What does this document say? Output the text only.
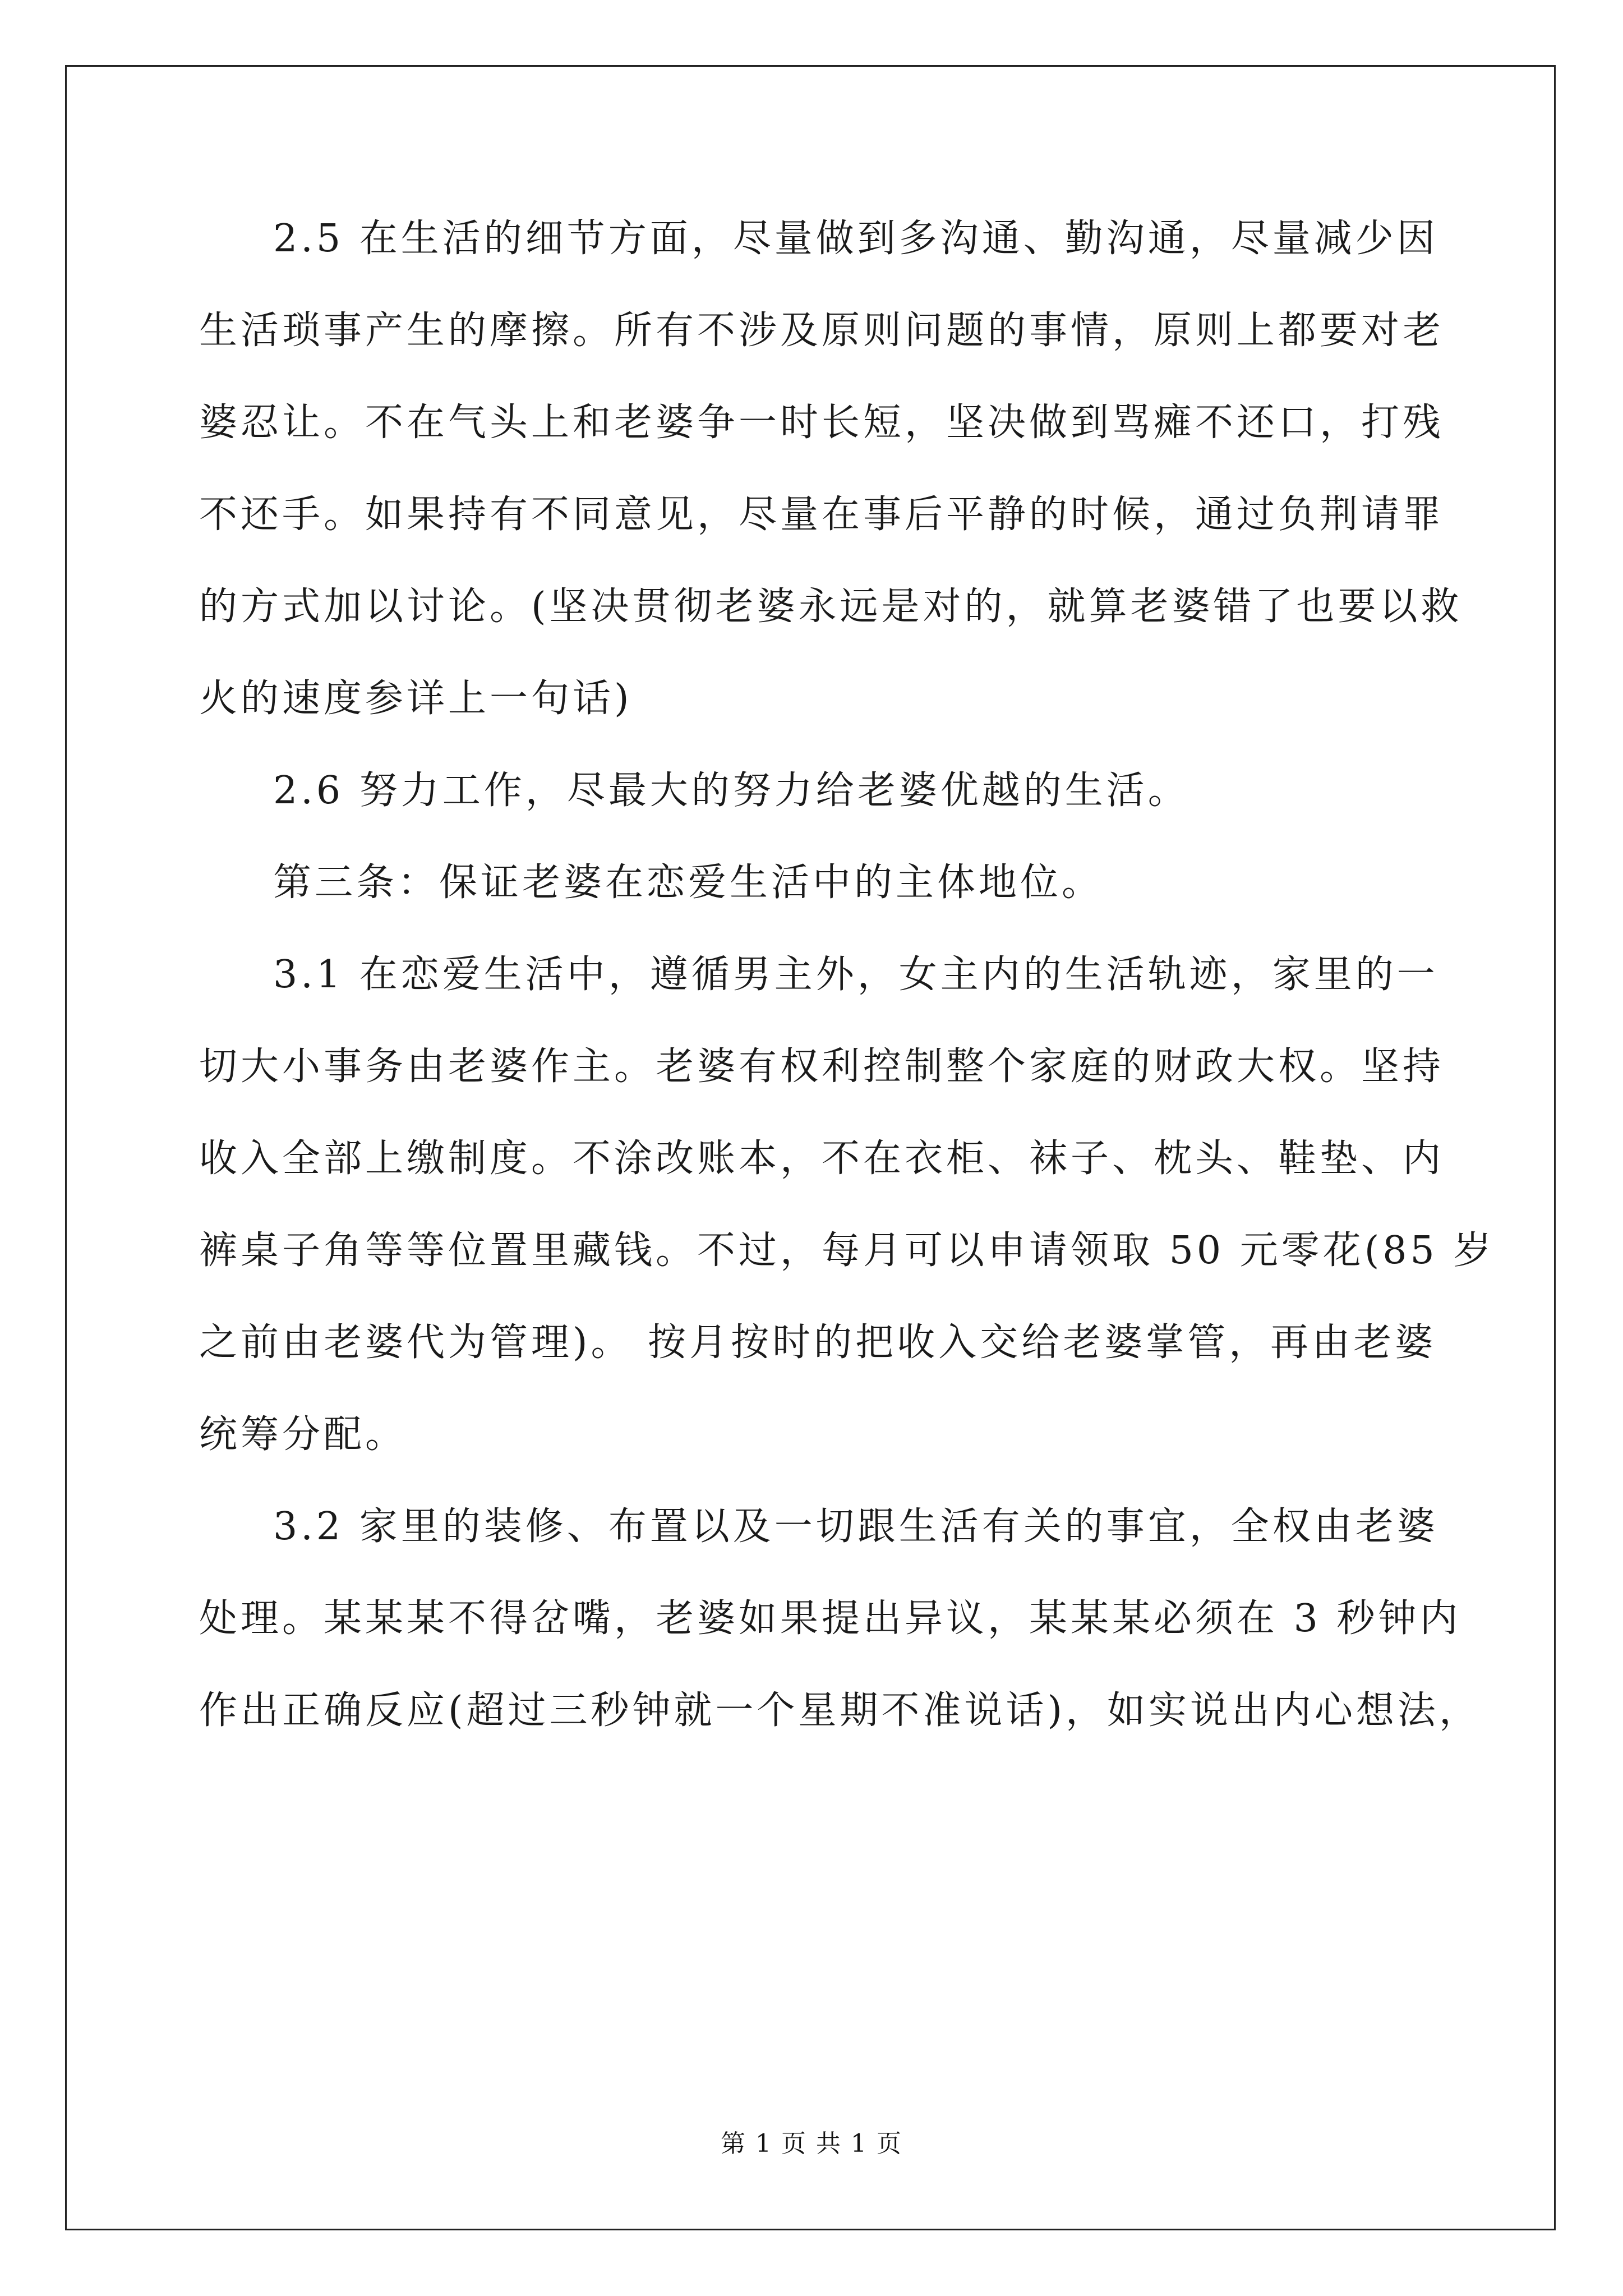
2.5 在生活的细节方面，尽量做到多沟通、勤沟通，尽量减少因
生活琐事产生的摩擦。所有不涉及原则问题的事情，原则上都要对老
婆忍让。不在气头上和老婆争一时长短，坚决做到骂瘫不还口，打残
不还手。如果持有不同意见，尽量在事后平静的时候，通过负荆请罪
的方式加以讨论。(坚决贯彻老婆永远是对的，就算老婆错了也要以救
火的速度参详上一句话)
2.6 努力工作，尽最大的努力给老婆优越的生活。
第三条：保证老婆在恋爱生活中的主体地位。
3.1 在恋爱生活中，遵循男主外，女主内的生活轨迹，家里的一
切大小事务由老婆作主。老婆有权利控制整个家庭的财政大权。坚持
收入全部上缴制度。不涂改账本，不在衣柜、袜子、枕头、鞋垫、内
裤桌子角等等位置里藏钱。不过，每月可以申请领取 50 元零花(85 岁
之前由老婆代为管理)。 按月按时的把收入交给老婆掌管，再由老婆
统筹分配。
3.2 家里的装修、布置以及一切跟生活有关的事宜，全权由老婆
处理。某某某不得岔嘴，老婆如果提出异议，某某某必须在 3 秒钟内
作出正确反应(超过三秒钟就一个星期不准说话)，如实说出内心想法，
第 1 页 共 1 页
